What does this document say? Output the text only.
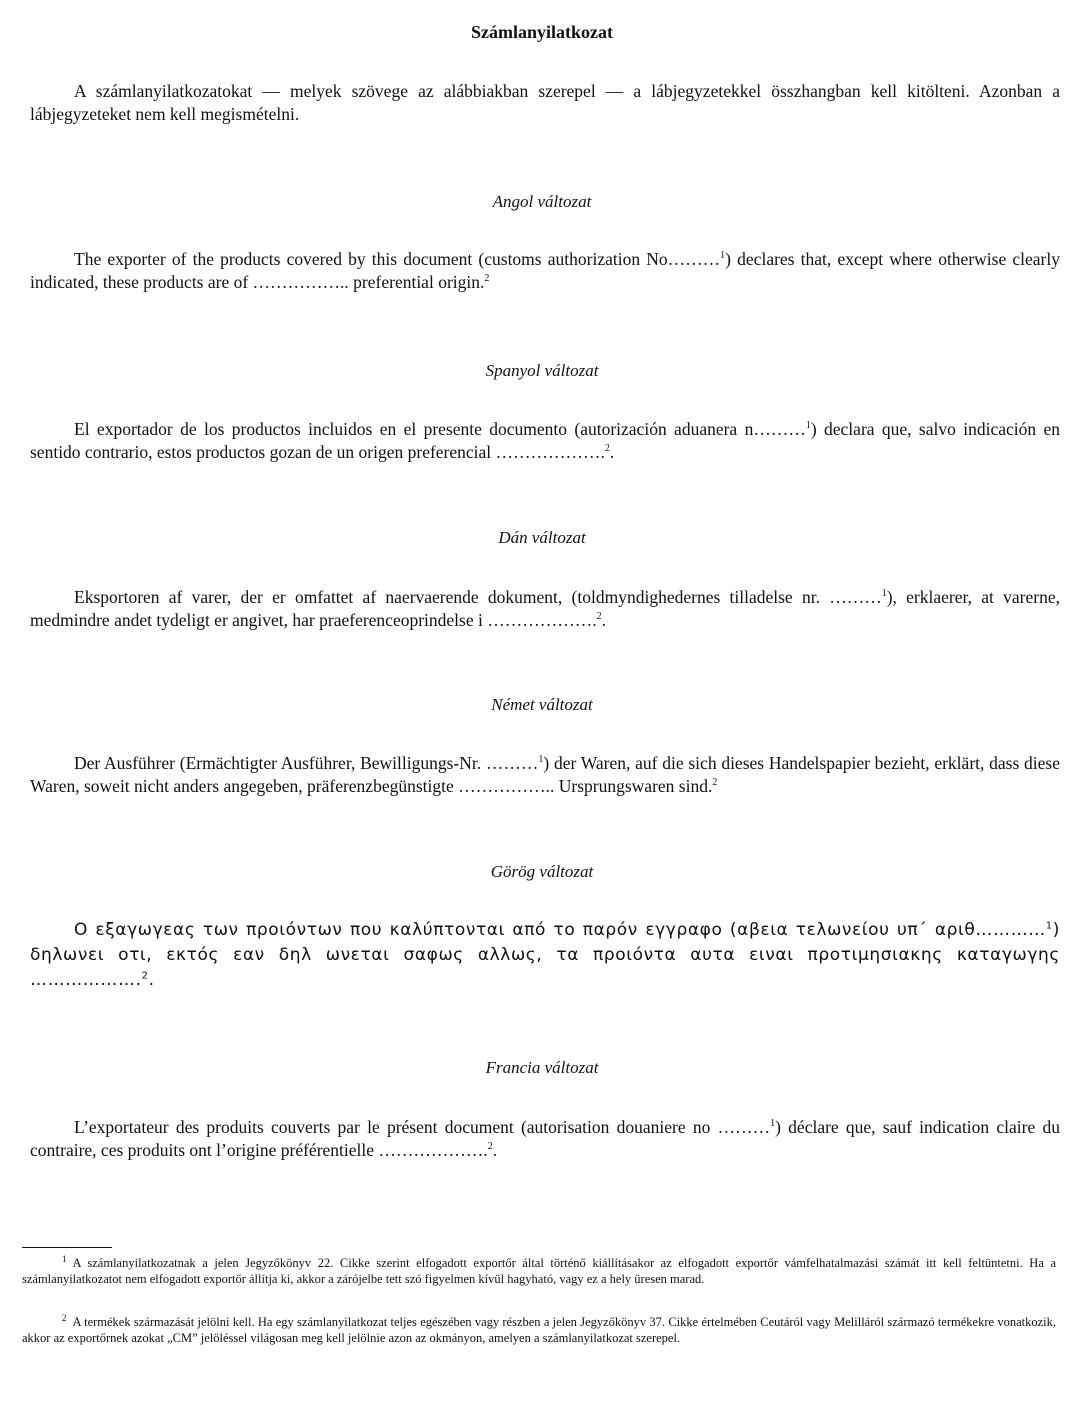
Számlanyilatkozat
A számlanyilatkozatokat — melyek szövege az alábbiakban szerepel — a lábjegyzetekkel összhangban kell kitölteni. Azonban a lábjegyzeteket nem kell megismételni.
Angol változat
The exporter of the products covered by this document (customs authorization No………$^1$) declares that, except where otherwise clearly indicated, these products are of …………….. preferential origin.$^2$
Spanyol változat
El exportador de los productos incluidos en el presente documento (autorización aduanera n………$^1$) declara que, salvo indicación en sentido contrario, estos productos gozan de un origen preferencial ……………….$^2$.
Dán változat
Eksportoren af varer, der er omfattet af naervaerende dokument, (toldmyndighedernes tilladelse nr. ………$^1$), erklaerer, at varerne, medmindre andet tydeligt er angivet, har praeferenceoprindelse i ……………….$^2$.
Német változat
Der Ausführer (Ermächtigter Ausführer, Bewilligungs-Nr. ………$^1$) der Waren, auf die sich dieses Handelspapier bezieht, erklärt, dass diese Waren, soweit nicht anders angegeben, präferenzbegünstigte …………….. Ursprungswaren sind.$^2$
Görög változat
Ο εξαγωγεας των προιόντων που καλύπτονται από το παρόν εγγραφο (αβεια τελωνείου υπ΄ αριθ…………$^1$) δηλωνει οτι, εκτός εαν δηλ ωνεται σαφως αλλως, τα προιόντα αυτα ειναι προτιμησιακης καταγωγης ……………….$^2$.
Francia változat
L’exportateur des produits couverts par le présent document (autorisation douaniere no ………$^1$) déclare que, sauf indication claire du contraire, ces produits ont l’origine préférentielle ……………….$^2$.
$^1$ A számlanyilatkozatnak a jelen Jegyzőkönyv 22. Cikke szerint elfogadott exportőr által történő kiállításakor az elfogadott exportőr vámfelhatalmazási számát itt kell feltüntetni. Ha a számlanyilatkozatot nem elfogadott exportőr állítja ki, akkor a zárójelbe tett szó figyelmen kívül hagyható, vagy ez a hely üresen marad.
$^2$ A termékek származását jelölni kell. Ha egy számlanyilatkozat teljes egészében vagy részben a jelen Jegyzőkönyv 37. Cikke értelmében Ceutáról vagy Melilláról származó termékekre vonatkozik, akkor az exportőrnek azokat „CM” jelöléssel világosan meg kell jelölnie azon az okmányon, amelyen a számlanyilatkozat szerepel.
